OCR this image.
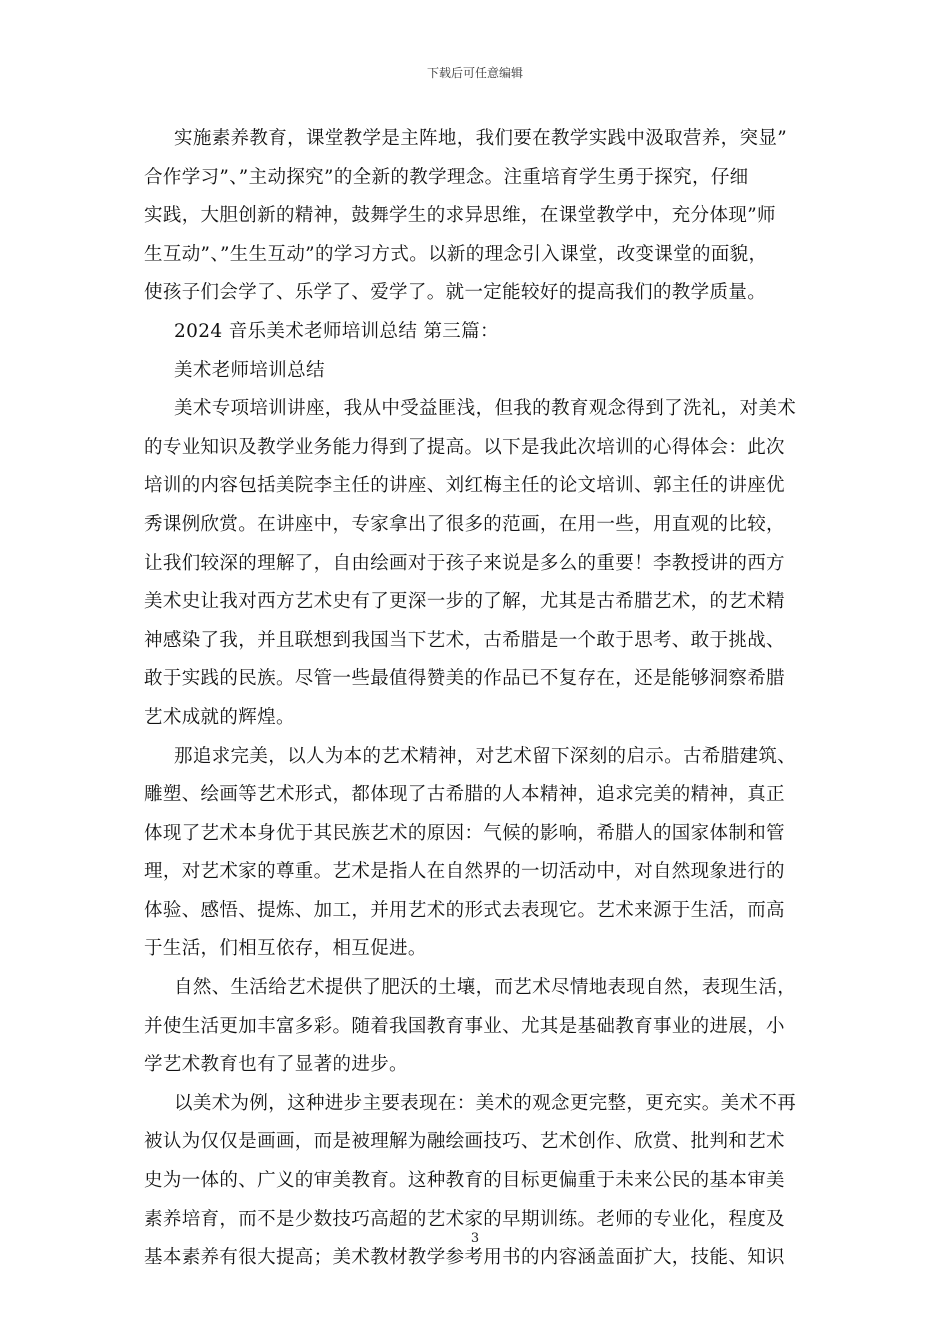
下载后可任意编辑
实施素养教育，课堂教学是主阵地，我们要在教学实践中汲取营养，突显”
合作学习”、”主动探究”的全新的教学理念。注重培育学生勇于探究，仔细
实践，大胆创新的精神，鼓舞学生的求异思维，在课堂教学中，充分体现”师
生互动”、”生生互动”的学习方式。以新的理念引入课堂，改变课堂的面貌，
使孩子们会学了、乐学了、爱学了。就一定能较好的提高我们的教学质量。
2024 音乐美术老师培训总结 第三篇：
美术老师培训总结
美术专项培训讲座，我从中受益匪浅，但我的教育观念得到了洗礼，对美术
的专业知识及教学业务能力得到了提高。以下是我此次培训的心得体会：此次
培训的内容包括美院李主任的讲座、刘红梅主任的论文培训、郭主任的讲座优
秀课例欣赏。在讲座中，专家拿出了很多的范画，在用一些，用直观的比较，
让我们较深的理解了，自由绘画对于孩子来说是多么的重要！李教授讲的西方
美术史让我对西方艺术史有了更深一步的了解，尤其是古希腊艺术，的艺术精
神感染了我，并且联想到我国当下艺术，古希腊是一个敢于思考、敢于挑战、
敢于实践的民族。尽管一些最值得赞美的作品已不复存在，还是能够洞察希腊
艺术成就的辉煌。
那追求完美，以人为本的艺术精神，对艺术留下深刻的启示。古希腊建筑、
雕塑、绘画等艺术形式，都体现了古希腊的人本精神，追求完美的精神，真正
体现了艺术本身优于其民族艺术的原因：气候的影响，希腊人的国家体制和管
理，对艺术家的尊重。艺术是指人在自然界的一切活动中，对自然现象进行的
体验、感悟、提炼、加工，并用艺术的形式去表现它。艺术来源于生活，而高
于生活，们相互依存，相互促进。
自然、生活给艺术提供了肥沃的土壤，而艺术尽情地表现自然，表现生活，
并使生活更加丰富多彩。随着我国教育事业、尤其是基础教育事业的进展，小
学艺术教育也有了显著的进步。
以美术为例，这种进步主要表现在：美术的观念更完整，更充实。美术不再
被认为仅仅是画画，而是被理解为融绘画技巧、艺术创作、欣赏、批判和艺术
史为一体的、广义的审美教育。这种教育的目标更偏重于未来公民的基本审美
素养培育，而不是少数技巧高超的艺术家的早期训练。老师的专业化，程度及
基本素养有很大提高；美术教材教学参考用书的内容涵盖面扩大，技能、知识
3
